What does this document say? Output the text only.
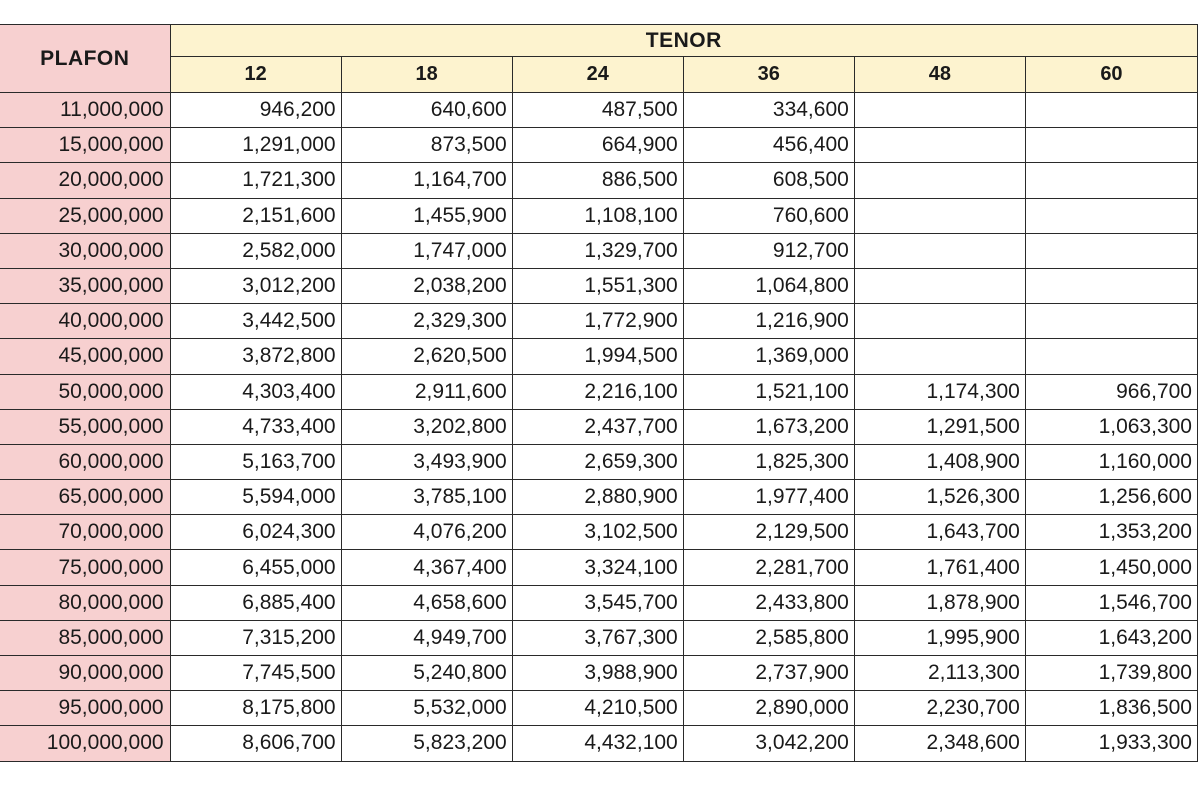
PLAFON	TENOR					
	12	18	24	36	48	60
11,000,000	946,200	640,600	487,500	334,600		
15,000,000	1,291,000	873,500	664,900	456,400		
20,000,000	1,721,300	1,164,700	886,500	608,500		
25,000,000	2,151,600	1,455,900	1,108,100	760,600		
30,000,000	2,582,000	1,747,000	1,329,700	912,700		
35,000,000	3,012,200	2,038,200	1,551,300	1,064,800		
40,000,000	3,442,500	2,329,300	1,772,900	1,216,900		
45,000,000	3,872,800	2,620,500	1,994,500	1,369,000		
50,000,000	4,303,400	2,911,600	2,216,100	1,521,100	1,174,300	966,700
55,000,000	4,733,400	3,202,800	2,437,700	1,673,200	1,291,500	1,063,300
60,000,000	5,163,700	3,493,900	2,659,300	1,825,300	1,408,900	1,160,000
65,000,000	5,594,000	3,785,100	2,880,900	1,977,400	1,526,300	1,256,600
70,000,000	6,024,300	4,076,200	3,102,500	2,129,500	1,643,700	1,353,200
75,000,000	6,455,000	4,367,400	3,324,100	2,281,700	1,761,400	1,450,000
80,000,000	6,885,400	4,658,600	3,545,700	2,433,800	1,878,900	1,546,700
85,000,000	7,315,200	4,949,700	3,767,300	2,585,800	1,995,900	1,643,200
90,000,000	7,745,500	5,240,800	3,988,900	2,737,900	2,113,300	1,739,800
95,000,000	8,175,800	5,532,000	4,210,500	2,890,000	2,230,700	1,836,500
100,000,000	8,606,700	5,823,200	4,432,100	3,042,200	2,348,600	1,933,300
